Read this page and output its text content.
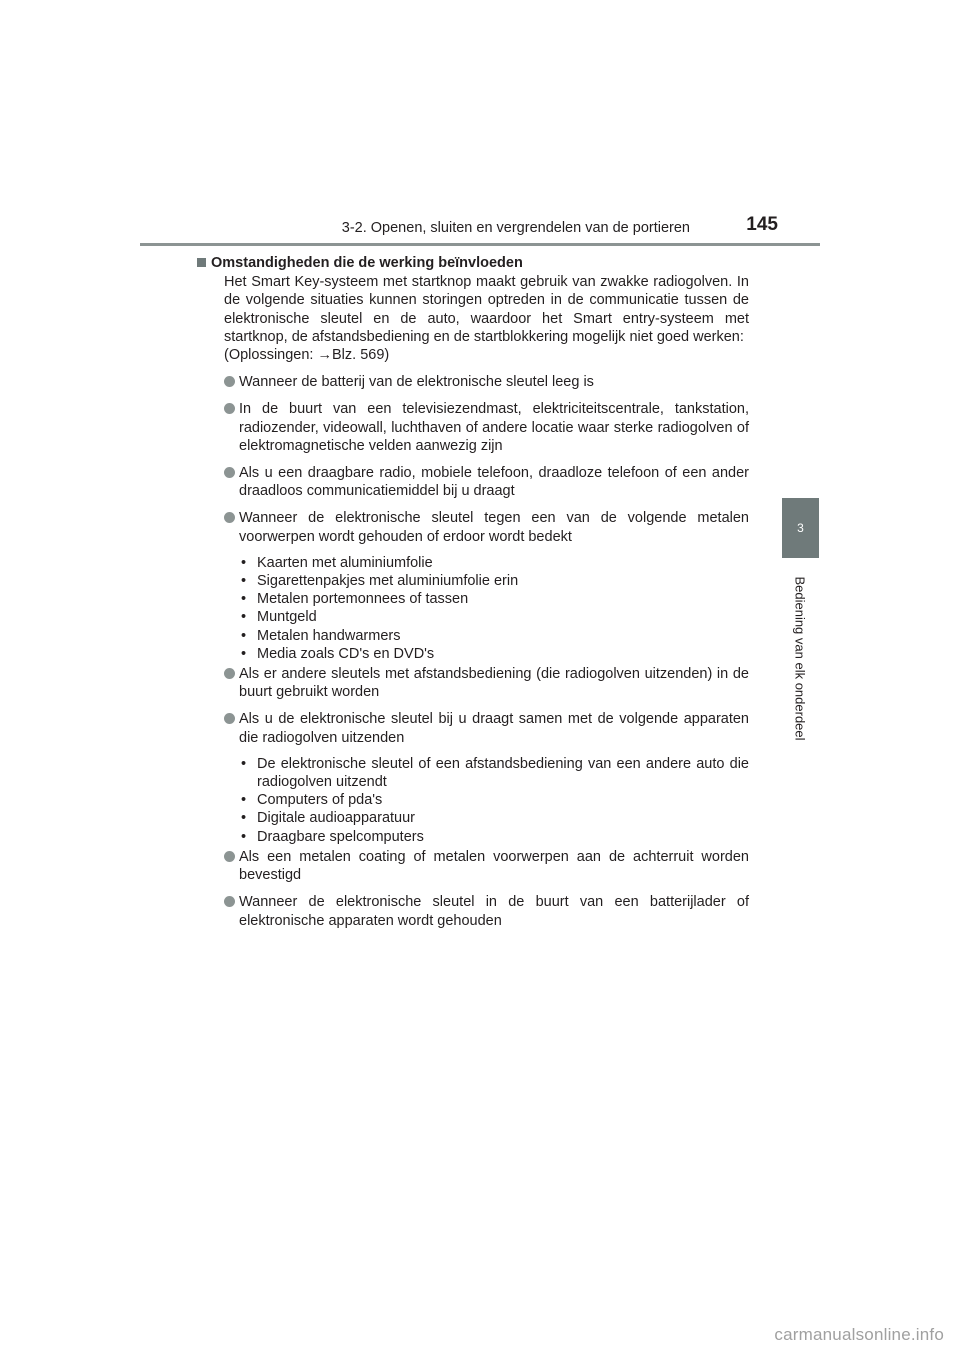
3-2. Openen, sluiten en vergrendelen van de portieren	145
3
Bediening van elk onderdeel
Omstandigheden die de werking beïnvloeden
Het Smart Key-systeem met startknop maakt gebruik van zwakke radiogolven. In de volgende situaties kunnen storingen optreden in de communicatie tussen de elektronische sleutel en de auto, waardoor het Smart entry-systeem met startknop, de afstandsbediening en de startblokkering mogelijk niet goed werken:
(Oplossingen: →Blz. 569)
Wanneer de batterij van de elektronische sleutel leeg is
In de buurt van een televisiezendmast, elektriciteitscentrale, tankstation, radiozender, videowall, luchthaven of andere locatie waar sterke radiogolven of elektromagnetische velden aanwezig zijn
Als u een draagbare radio, mobiele telefoon, draadloze telefoon of een ander draadloos communicatiemiddel bij u draagt
Wanneer de elektronische sleutel tegen een van de volgende metalen voorwerpen wordt gehouden of erdoor wordt bedekt
• Kaarten met aluminiumfolie
• Sigarettenpakjes met aluminiumfolie erin
• Metalen portemonnees of tassen
• Muntgeld
• Metalen handwarmers
• Media zoals CD's en DVD's
Als er andere sleutels met afstandsbediening (die radiogolven uitzenden) in de buurt gebruikt worden
Als u de elektronische sleutel bij u draagt samen met de volgende apparaten die radiogolven uitzenden
• De elektronische sleutel of een afstandsbediening van een andere auto die radiogolven uitzendt
• Computers of pda's
• Digitale audioapparatuur
• Draagbare spelcomputers
Als een metalen coating of metalen voorwerpen aan de achterruit worden bevestigd
Wanneer de elektronische sleutel in de buurt van een batterijlader of elektronische apparaten wordt gehouden
carmanualsonline.info
